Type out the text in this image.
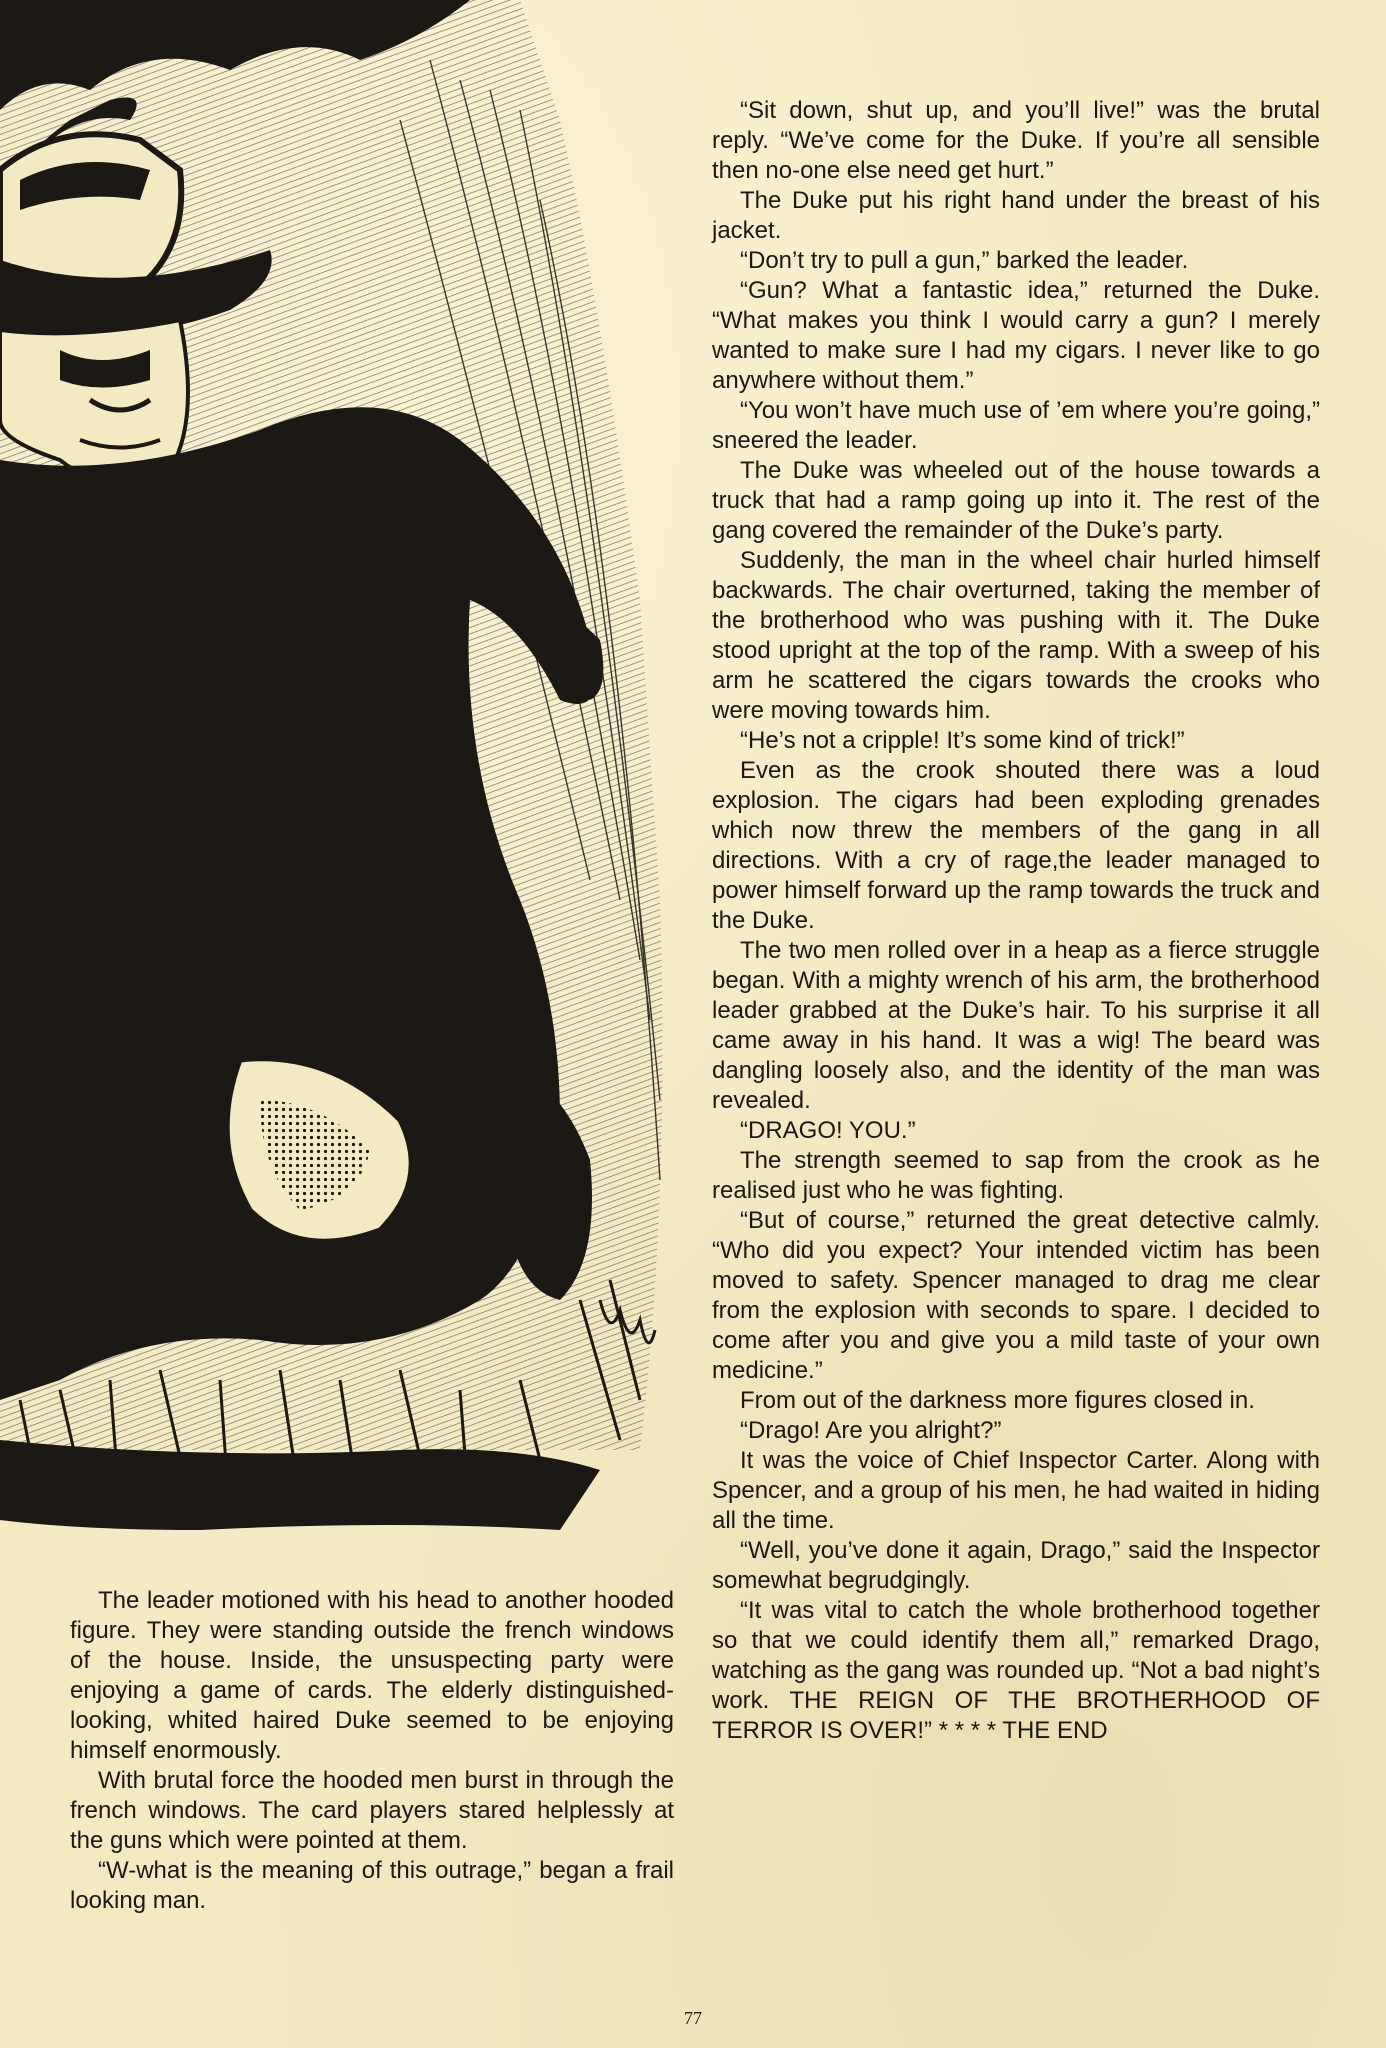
The leader motioned with his head to another hooded figure. They were standing outside the french windows of the house. Inside, the unsuspecting party were enjoying a game of cards. The elderly distinguished-looking, whited haired Duke seemed to be enjoying himself enormously.

With brutal force the hooded men burst in through the french windows. The card players stared helplessly at the guns which were pointed at them.

“W-what is the meaning of this outrage,” began a frail looking man.

“Sit down, shut up, and you’ll live!” was the brutal reply. “We’ve come for the Duke. If you’re all sensible then no-one else need get hurt.”

The Duke put his right hand under the breast of his jacket.

“Don’t try to pull a gun,” barked the leader.

“Gun? What a fantastic idea,” returned the Duke. “What makes you think I would carry a gun? I merely wanted to make sure I had my cigars. I never like to go anywhere without them.”

“You won’t have much use of ’em where you’re going,” sneered the leader.

The Duke was wheeled out of the house towards a truck that had a ramp going up into it. The rest of the gang covered the remainder of the Duke’s party.

Suddenly, the man in the wheel chair hurled himself backwards. The chair overturned, taking the member of the brotherhood who was pushing with it. The Duke stood upright at the top of the ramp. With a sweep of his arm he scattered the cigars towards the crooks who were moving towards him.

“He’s not a cripple! It’s some kind of trick!”

Even as the crook shouted there was a loud explosion. The cigars had been exploding grenades which now threw the members of the gang in all directions. With a cry of rage,the leader managed to power himself forward up the ramp towards the truck and the Duke.

The two men rolled over in a heap as a fierce struggle began. With a mighty wrench of his arm, the brotherhood leader grabbed at the Duke’s hair. To his surprise it all came away in his hand. It was a wig! The beard was dangling loosely also, and the identity of the man was revealed.

“DRAGO! YOU.”

The strength seemed to sap from the crook as he realised just who he was fighting.

“But of course,” returned the great detective calmly. “Who did you expect? Your intended victim has been moved to safety. Spencer managed to drag me clear from the explosion with seconds to spare. I decided to come after you and give you a mild taste of your own medicine.”

From out of the darkness more figures closed in.

“Drago! Are you alright?”

It was the voice of Chief Inspector Carter. Along with Spencer, and a group of his men, he had waited in hiding all the time.

“Well, you’ve done it again, Drago,” said the Inspector somewhat begrudgingly.

“It was vital to catch the whole brotherhood together so that we could identify them all,” remarked Drago, watching as the gang was rounded up. “Not a bad night’s work. THE REIGN OF THE BROTHERHOOD OF TERROR IS OVER!” * * * * THE END

77
